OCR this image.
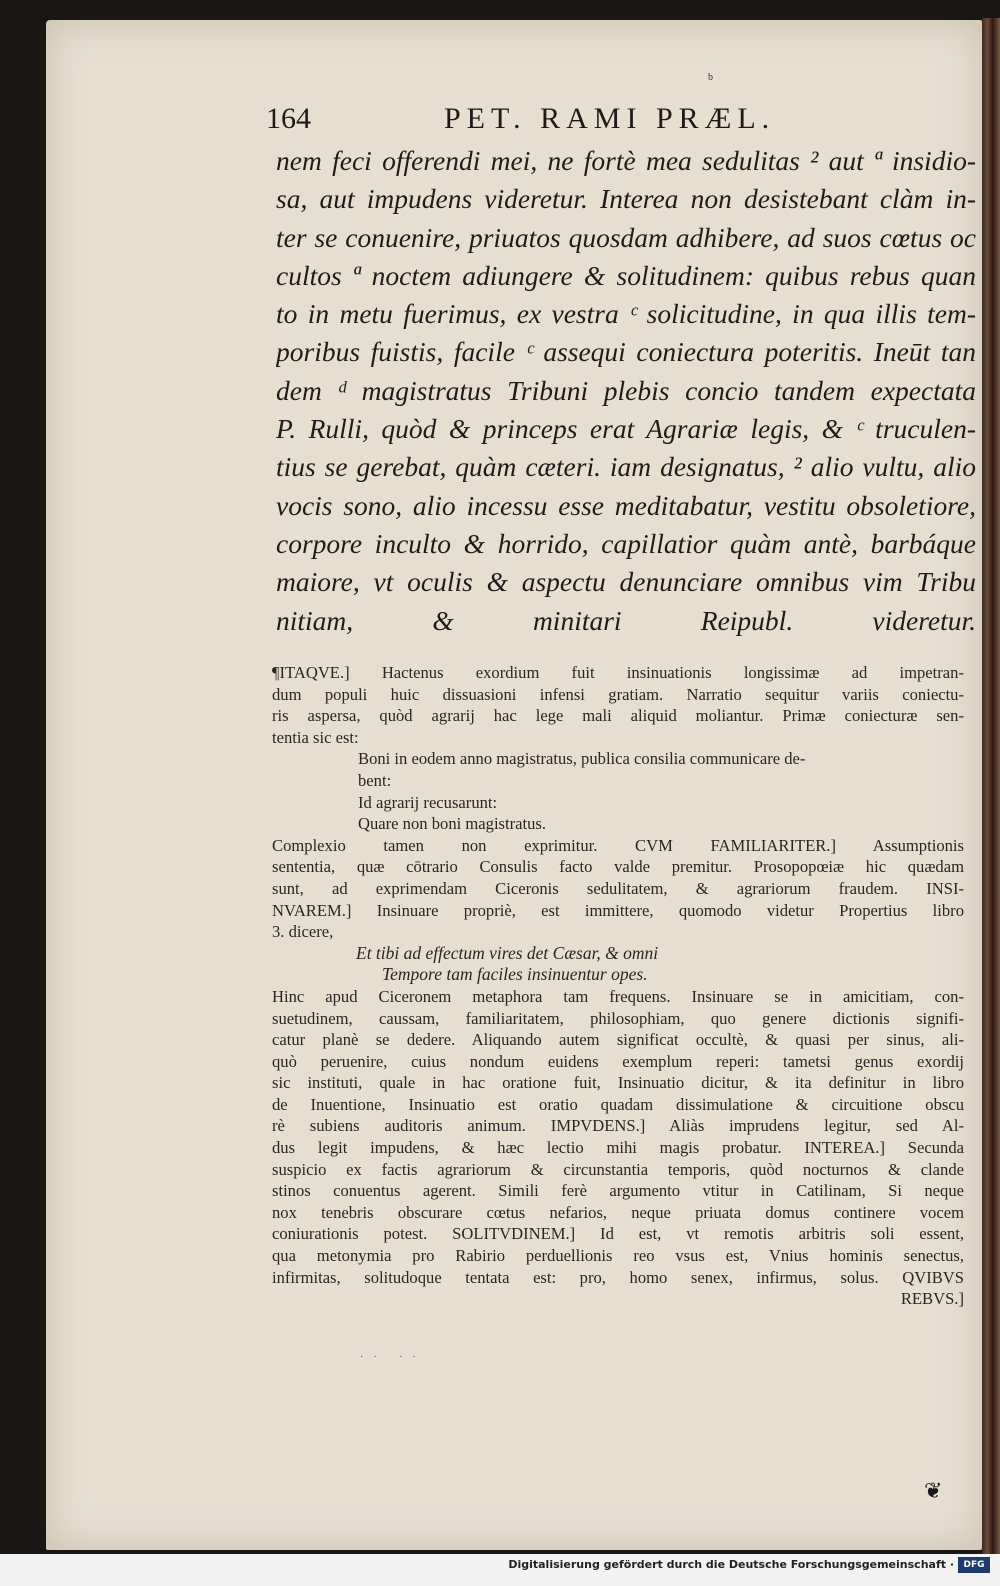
b
164	PET. RAMI PRÆL.
nem feci offerendi mei, ne fortè mea sedulitas ² aut ª insidio-
sa, aut impudens videretur. Interea non desistebant clàm in-
ter se conuenire, priuatos quosdam adhibere, ad suos cœtus oc
cultos ª noctem adiungere & solitudinem: quibus rebus quan
to in metu fuerimus, ex vestra ᶜ solicitudine, in qua illis tem-
poribus fuistis, facile ᶜ assequi coniectura poteritis. Ineūt tan
dem ᵈ magistratus Tribuni plebis concio tandem expectata
P. Rulli, quòd & princeps erat Agrariæ legis, & ᶜ truculen-
tius se gerebat, quàm cæteri. iam designatus, ² alio vultu, alio
vocis sono, alio incessu esse meditabatur, vestitu obsoletiore,
corpore inculto & horrido, capillatior quàm antè, barbáque
maiore, vt oculis & aspectu denunciare omnibus vim Tribu
nitiam, & minitari Reipubl. videretur.
¶ITAQVE.] Hactenus exordium fuit insinuationis longissimæ ad impetran-
dum populi huic dissuasioni infensi gratiam. Narratio sequitur variis coniectu-
ris aspersa, quòd agrarij hac lege mali aliquid moliantur. Primæ coniecturæ sen-
tentia sic est:
Boni in eodem anno magistratus, publica consilia communicare de-
bent:
Id agrarij recusarunt:
Quare non boni magistratus.
Complexio tamen non exprimitur. CVM FAMILIARITER.] Assumptionis
sententia, quæ cōtrario Consulis facto valde premitur. Prosopopœiæ hic quædam
sunt, ad exprimendam Ciceronis sedulitatem, & agrariorum fraudem. INSI-
NVAREM.] Insinuare propriè, est immittere, quomodo videtur Propertius libro
3. dicere,
Et tibi ad effectum vires det Cæsar, & omni
Tempore tam faciles insinuentur opes.
Hinc apud Ciceronem metaphora tam frequens. Insinuare se in amicitiam, con-
suetudinem, caussam, familiaritatem, philosophiam, quo genere dictionis signifi-
catur planè se dedere. Aliquando autem significat occultè, & quasi per sinus, ali-
quò peruenire, cuius nondum euidens exemplum reperi: tametsi genus exordij
sic instituti, quale in hac oratione fuit, Insinuatio dicitur, & ita definitur in libro
de Inuentione, Insinuatio est oratio quadam dissimulatione & circuitione obscu
rè subiens auditoris animum. IMPVDENS.] Aliàs imprudens legitur, sed Al-
dus legit impudens, & hæc lectio mihi magis probatur. INTEREA.] Secunda
suspicio ex factis agrariorum & circunstantia temporis, quòd nocturnos & clande
stinos conuentus agerent. Simili ferè argumento vtitur in Catilinam, Si neque
nox tenebris obscurare cœtus nefarios, neque priuata domus continere vocem
coniurationis potest. SOLITVDINEM.] Id est, vt remotis arbitris soli essent,
qua metonymia pro Rabirio perduellionis reo vsus est, Vnius hominis senectus,
infirmitas, solitudoque tentata est: pro, homo senex, infirmus, solus. QVIBVS
REBVS.]
·· ··
❦
Digitalisierung gefördert durch die Deutsche Forschungsgemeinschaft ·	DFG
